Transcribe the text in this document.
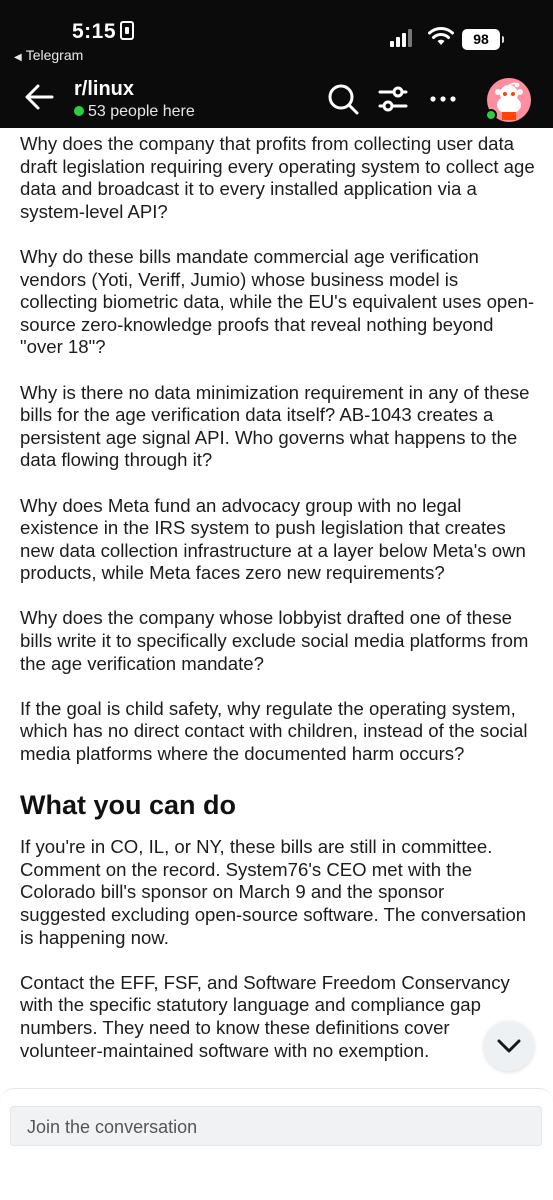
5:15
◀ Telegram
98
r/linux
53 people here

Why does the company that profits from collecting user data draft legislation requiring every operating system to collect age data and broadcast it to every installed application via a system-level API?

Why do these bills mandate commercial age verification vendors (Yoti, Veriff, Jumio) whose business model is collecting biometric data, while the EU's equivalent uses open-source zero-knowledge proofs that reveal nothing beyond "over 18"?

Why is there no data minimization requirement in any of these bills for the age verification data itself? AB-1043 creates a persistent age signal API. Who governs what happens to the data flowing through it?

Why does Meta fund an advocacy group with no legal existence in the IRS system to push legislation that creates new data collection infrastructure at a layer below Meta's own products, while Meta faces zero new requirements?

Why does the company whose lobbyist drafted one of these bills write it to specifically exclude social media platforms from the age verification mandate?

If the goal is child safety, why regulate the operating system, which has no direct contact with children, instead of the social media platforms where the documented harm occurs?

What you can do

If you're in CO, IL, or NY, these bills are still in committee. Comment on the record. System76's CEO met with the Colorado bill's sponsor on March 9 and the sponsor suggested excluding open-source software. The conversation is happening now.

Contact the EFF, FSF, and Software Freedom Conservancy with the specific statutory language and compliance gap numbers. They need to know these definitions cover volunteer-maintained software with no exemption.

Join the conversation
